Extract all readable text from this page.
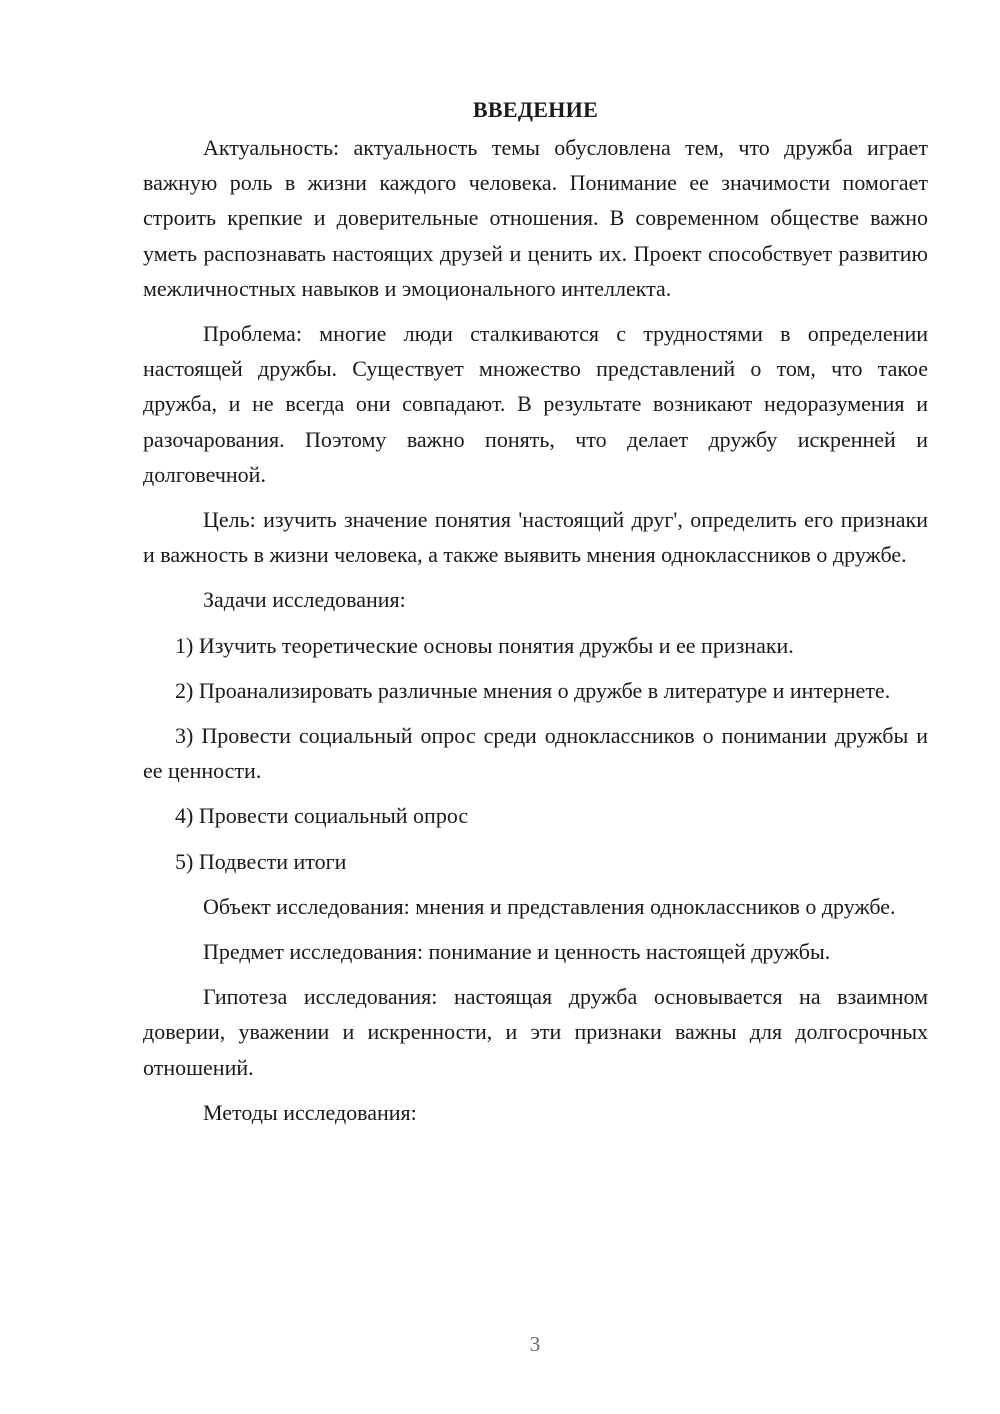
ВВЕДЕНИЕ

Актуальность: актуальность темы обусловлена тем, что дружба играет важную роль в жизни каждого человека. Понимание ее значимости помогает строить крепкие и доверительные отношения. В современном обществе важно уметь распознавать настоящих друзей и ценить их. Проект способствует развитию межличностных навыков и эмоционального интеллекта.

Проблема: многие люди сталкиваются с трудностями в определении настоящей дружбы. Существует множество представлений о том, что такое дружба, и не всегда они совпадают. В результате возникают недоразумения и разочарования. Поэтому важно понять, что делает дружбу искренней и долговечной.

Цель: изучить значение понятия 'настоящий друг', определить его признаки и важность в жизни человека, а также выявить мнения одноклассников о дружбе.

Задачи исследования:

1) Изучить теоретические основы понятия дружбы и ее признаки.

2) Проанализировать различные мнения о дружбе в литературе и интернете.

3) Провести социальный опрос среди одноклассников о понимании дружбы и ее ценности.

4) Провести социальный опрос

5) Подвести итоги

Объект исследования: мнения и представления одноклассников о дружбе.

Предмет исследования: понимание и ценность настоящей дружбы.

Гипотеза исследования: настоящая дружба основывается на взаимном доверии, уважении и искренности, и эти признаки важны для долгосрочных отношений.

Методы исследования:

3
